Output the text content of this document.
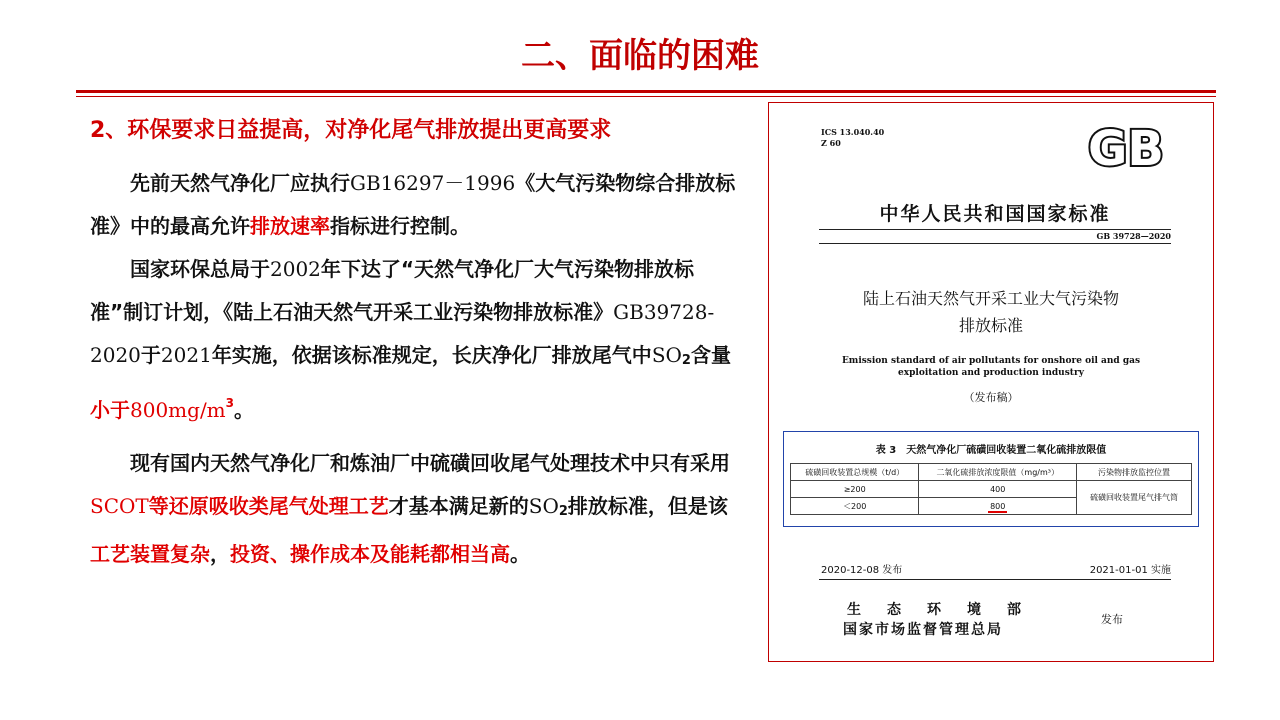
二、面临的困难

2、环保要求日益提高，对净化尾气排放提出更高要求

先前天然气净化厂应执行GB16297－1996《大气污染物综合排放标准》中的最高允许排放速率指标进行控制。

国家环保总局于2002年下达了“天然气净化厂大气污染物排放标准”制订计划，《陆上石油天然气开采工业污染物排放标准》GB39728-2020于2021年实施，依据该标准规定，长庆净化厂排放尾气中SO2含量小于$800mg/m^3$。

现有国内天然气净化厂和炼油厂中硫磺回收尾气处理技术中只有采用SCOT等还原吸收类尾气处理工艺才基本满足新的SO2排放标准，但是该工艺装置复杂，投资、操作成本及能耗都相当高。

ICS 13.040.40
Z 60	GB
中华人民共和国国家标准
GB 39728—2020
陆上石油天然气开采工业大气污染物
排放标准
Emission standard of air pollutants for onshore oil and gas
exploitation and production industry
（发布稿）
表 3　天然气净化厂硫磺回收装置二氧化硫排放限值
硫磺回收装置总规模（t/d）	二氧化硫排放浓度限值（mg/m³）	污染物排放监控位置
≥200	400	硫磺回收装置尾气排气筒
＜200	800	
2020-12-08 发布	2021-01-01 实施
生态环境部
国家市场监督管理总局
发布
